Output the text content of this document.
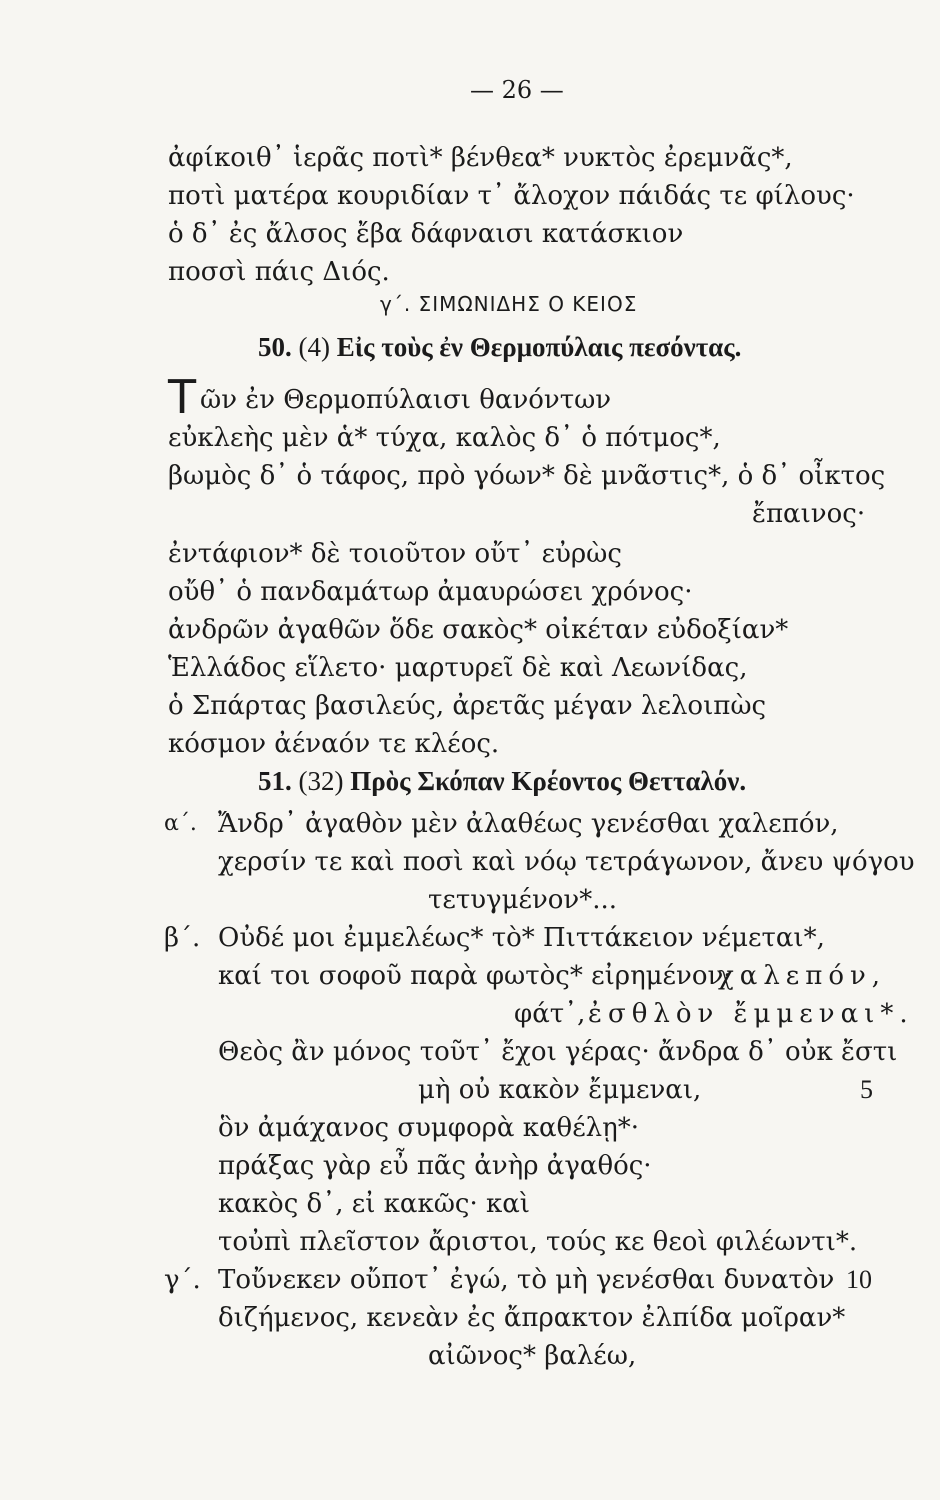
— 26 —
ἀφίκοιθ᾽ ἱερᾶς ποτὶ* βένθεα* νυκτὸς ἐρεμνᾶς*,
ποτὶ ματέρα κουριδίαν τ᾽ ἄλοχον πάιδάς τε φίλους·
ὁ δ᾽ ἐς ἄλσος ἔβα δάφναισι κατάσκιον
ποσσὶ πάις Διός.
γ΄. ΣΙΜΩΝΙΔΗΣ Ο ΚΕΙΟΣ
50. (4) Εἰς τοὺς ἐν Θερμοπύλαις πεσόντας.
Τ ῶν ἐν Θερμοπύλαισι θανόντων
εὐκλεὴς μὲν ἁ* τύχα, καλὸς δ᾽ ὁ πότμος*,
βωμὸς δ᾽ ὁ τάφος, πρὸ γόων* δὲ μνᾶστις*, ὁ δ᾽ οἶκτος
ἔπαινος·
ἐντάφιον* δὲ τοιοῦτον οὔτ᾽ εὐρὼς
οὔθ᾽ ὁ πανδαμάτωρ ἀμαυρώσει χρόνος·
ἀνδρῶν ἀγαθῶν ὅδε σακὸς* οἰκέταν εὐδοξίαν*
Ἑλλάδος εἵλετο· μαρτυρεῖ δὲ καὶ Λεωνίδας,
ὁ Σπάρτας βασιλεύς, ἀρετᾶς μέγαν λελοιπὼς
κόσμον ἀέναόν τε κλέος.
51. (32) Πρὸς Σκόπαν Κρέοντος Θετταλόν.
α΄. Ἄνδρ᾽ ἀγαθὸν μὲν ἀλαθέως γενέσθαι χαλεπόν,
χερσίν τε καὶ ποσὶ καὶ νόῳ τετράγωνον, ἄνευ ψόγου
τετυγμένον*...
β΄. Οὐδέ μοι ἐμμελέως* τὸ* Πιττάκειον νέμεται*,
καί τοι σοφοῦ παρὰ φωτὸς* εἰρημένον·
χαλεπόν,
φάτ᾽, ἐσθλὸν ἔμμεναι*.
Θεὸς ἂν μόνος τοῦτ᾽ ἔχοι γέρας· ἄνδρα δ᾽ οὐκ ἔστι
μὴ οὐ κακὸν ἔμμεναι,	5
ὃν ἀμάχανος συμφορὰ καθέλῃ*·
πράξας γὰρ εὖ πᾶς ἀνὴρ ἀγαθός·
κακὸς δ᾽, εἰ κακῶς· καὶ
τοὐπὶ πλεῖστον ἄριστοι, τούς κε θεοὶ φιλέωντι*.
γ΄. Τοὔνεκεν οὔποτ᾽ ἐγώ, τὸ μὴ γενέσθαι δυνατὸν 10
διζήμενος, κενεὰν ἐς ἄπρακτον ἐλπίδα μοῖραν*
αἰῶνος* βαλέω,
